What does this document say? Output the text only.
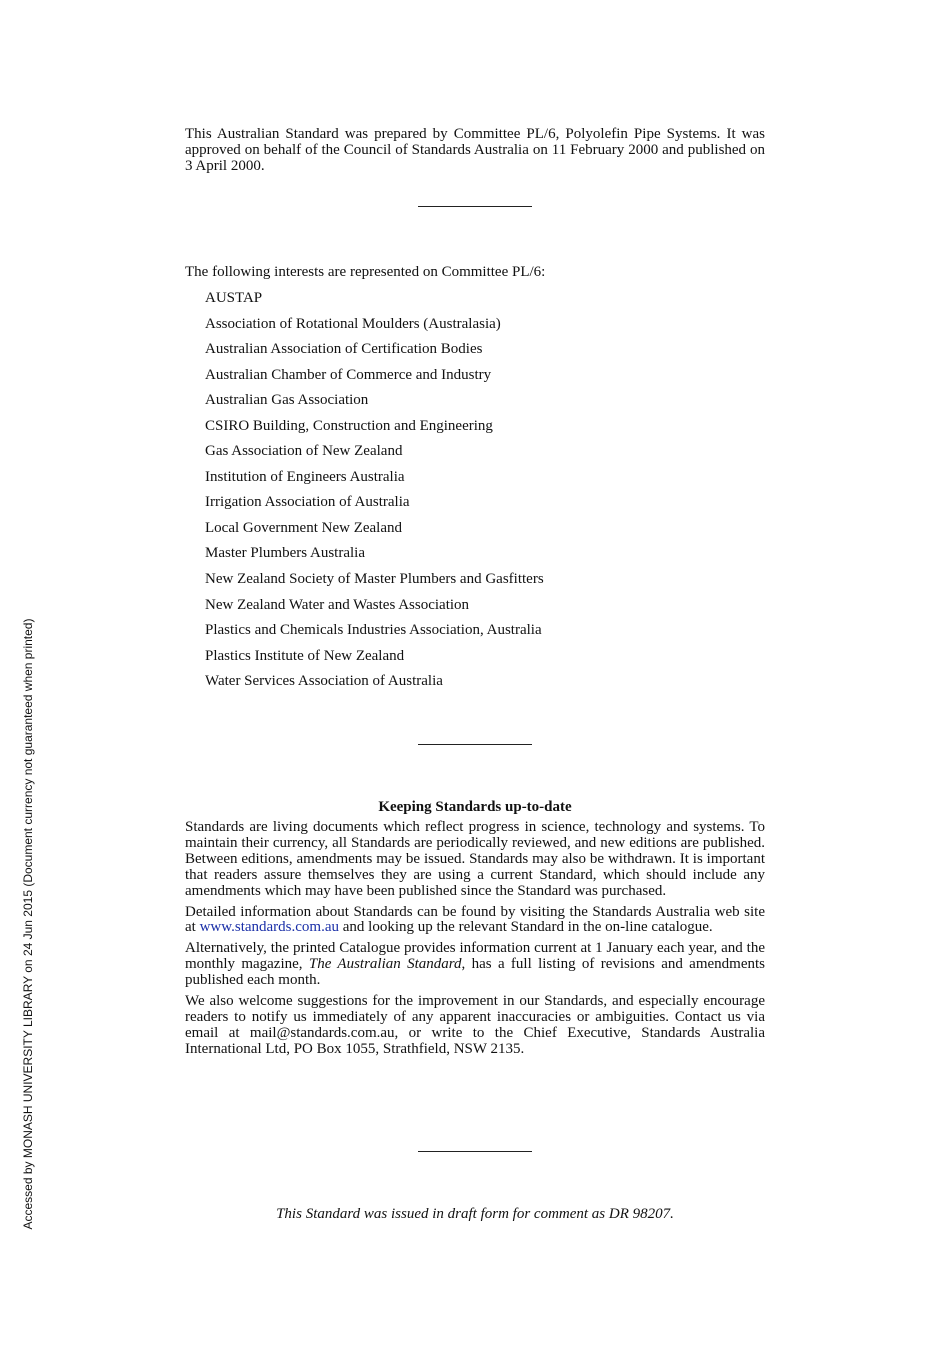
This Australian Standard was prepared by Committee PL/6, Polyolefin Pipe Systems. It was approved on behalf of the Council of Standards Australia on 11 February 2000 and published on 3 April 2000.
The following interests are represented on Committee PL/6:
AUSTAP
Association of Rotational Moulders (Australasia)
Australian Association of Certification Bodies
Australian Chamber of Commerce and Industry
Australian Gas Association
CSIRO Building, Construction and Engineering
Gas Association of New Zealand
Institution of Engineers Australia
Irrigation Association of Australia
Local Government New Zealand
Master Plumbers Australia
New Zealand Society of Master Plumbers and Gasfitters
New Zealand Water and Wastes Association
Plastics and Chemicals Industries Association, Australia
Plastics Institute of New Zealand
Water Services Association of Australia
Keeping Standards up-to-date

Standards are living documents which reflect progress in science, technology and systems. To maintain their currency, all Standards are periodically reviewed, and new editions are published. Between editions, amendments may be issued. Standards may also be withdrawn. It is important that readers assure themselves they are using a current Standard, which should include any amendments which may have been published since the Standard was purchased.

Detailed information about Standards can be found by visiting the Standards Australia web site at www.standards.com.au and looking up the relevant Standard in the on-line catalogue.

Alternatively, the printed Catalogue provides information current at 1 January each year, and the monthly magazine, The Australian Standard, has a full listing of revisions and amendments published each month.

We also welcome suggestions for the improvement in our Standards, and especially encourage readers to notify us immediately of any apparent inaccuracies or ambiguities. Contact us via email at mail@standards.com.au, or write to the Chief Executive, Standards Australia International Ltd, PO Box 1055, Strathfield, NSW 2135.

This Standard was issued in draft form for comment as DR 98207.
Accessed by MONASH UNIVERSITY LIBRARY on 24 Jun 2015 (Document currency not guaranteed when printed)
